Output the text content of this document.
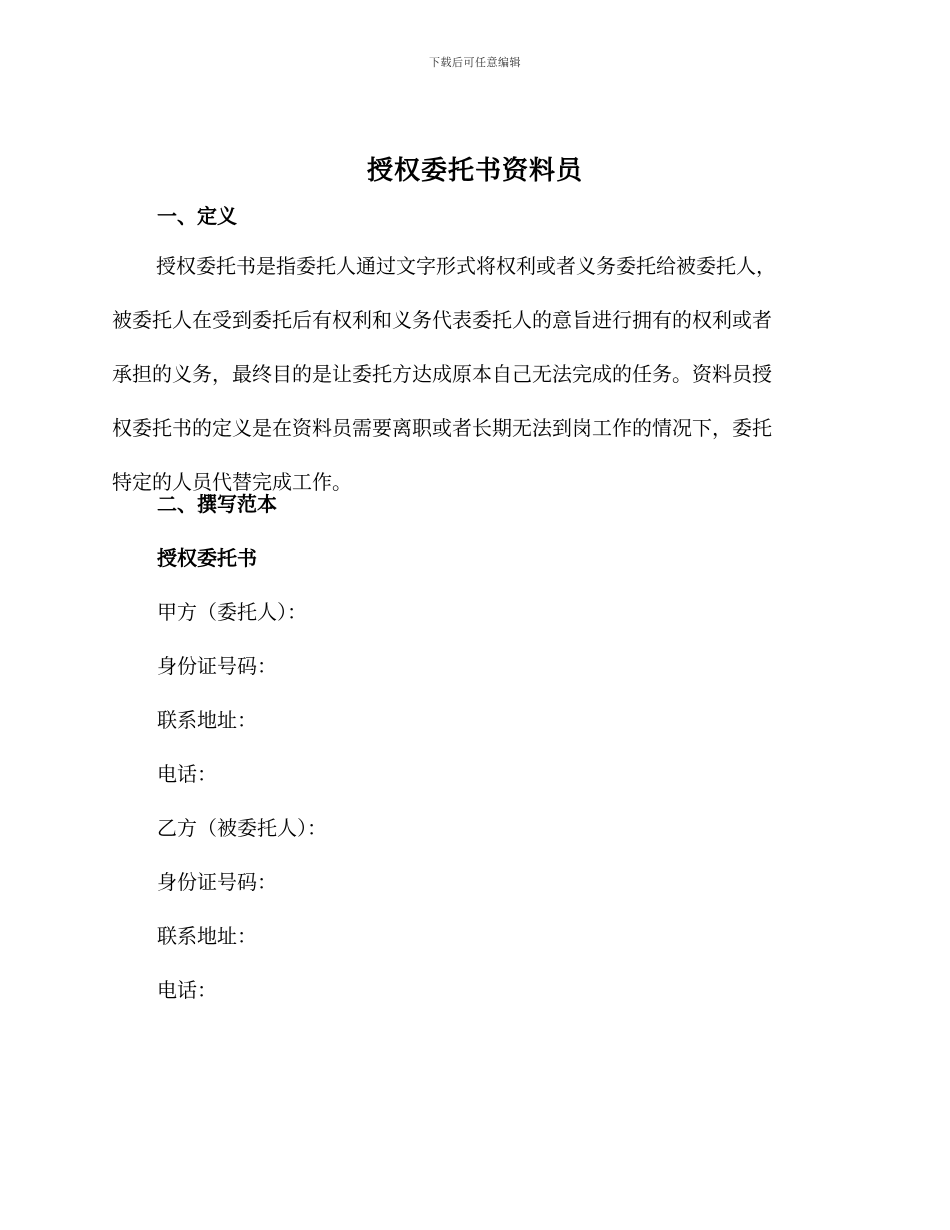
下载后可任意编辑
授权委托书资料员
一、定义
授权委托书是指委托人通过文字形式将权利或者义务委托给被委托人，
被委托人在受到委托后有权利和义务代表委托人的意旨进行拥有的权利或者
承担的义务，最终目的是让委托方达成原本自己无法完成的任务。资料员授
权委托书的定义是在资料员需要离职或者长期无法到岗工作的情况下，委托
特定的人员代替完成工作。
二、撰写范本
授权委托书
甲方（委托人）：
身份证号码：
联系地址：
电话：
乙方（被委托人）：
身份证号码：
联系地址：
电话：
